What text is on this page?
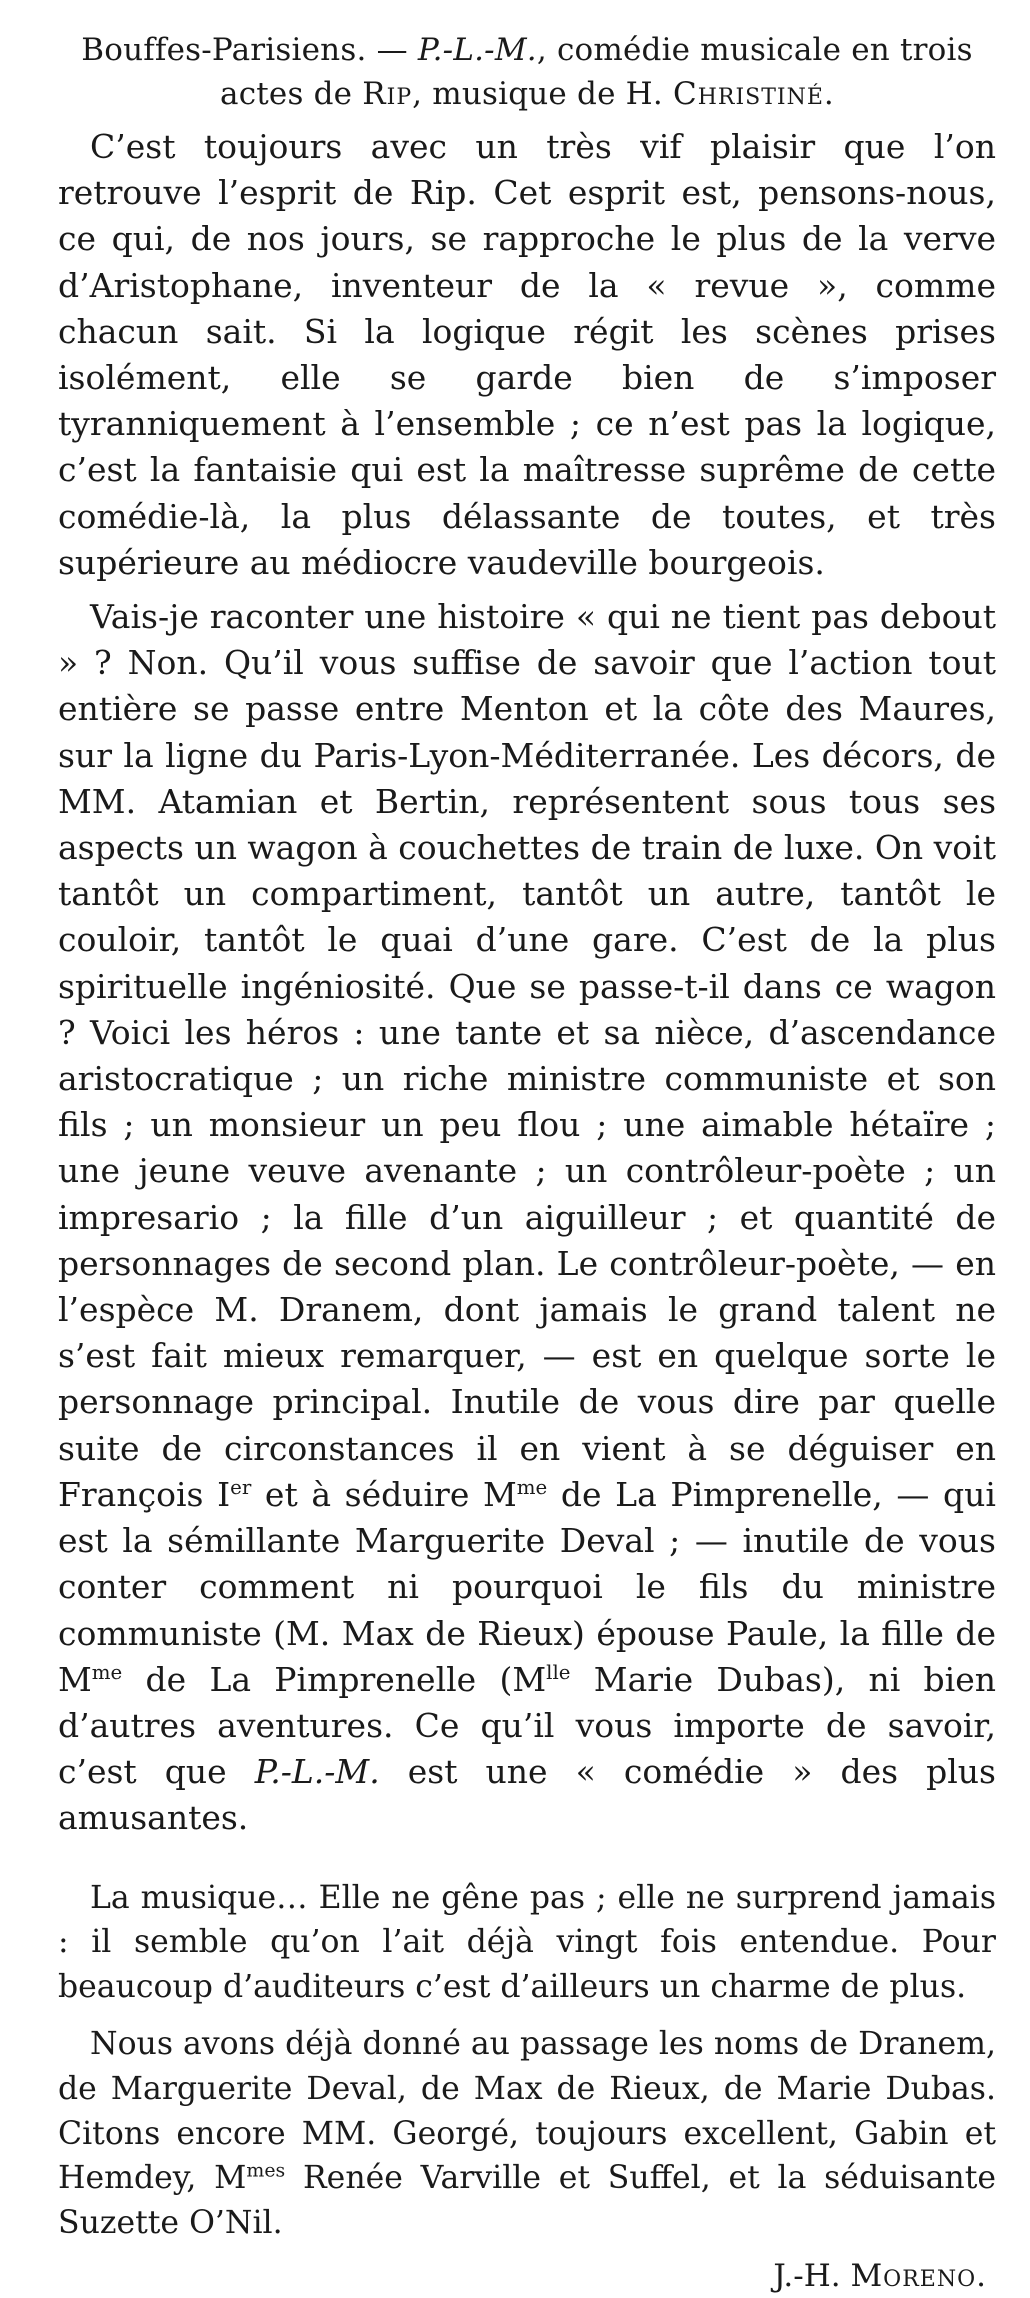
Bouffes-Parisiens. — P.-L.-M., comédie musicale en trois actes de Rip, musique de H. Christiné.

C’est toujours avec un très vif plaisir que l’on retrouve l’esprit de Rip. Cet esprit est, pensons-nous, ce qui, de nos jours, se rapproche le plus de la verve d’Aristophane, inventeur de la « revue », comme chacun sait. Si la logique régit les scènes prises isolément, elle se garde bien de s’imposer tyranniquement à l’ensemble ; ce n’est pas la logique, c’est la fantaisie qui est la maîtresse suprême de cette comédie-là, la plus délassante de toutes, et très supérieure au médiocre vaudeville bourgeois.

Vais-je raconter une histoire « qui ne tient pas debout » ? Non. Qu’il vous suffise de savoir que l’action tout entière se passe entre Menton et la côte des Maures, sur la ligne du Paris-Lyon-Méditerranée. Les décors, de MM. Atamian et Bertin, représentent sous tous ses aspects un wagon à couchettes de train de luxe. On voit tantôt un compartiment, tantôt un autre, tantôt le couloir, tantôt le quai d’une gare. C’est de la plus spirituelle ingéniosité. Que se passe-t-il dans ce wagon ? Voici les héros : une tante et sa nièce, d’ascendance aristocratique ; un riche ministre communiste et son fils ; un monsieur un peu flou ; une aimable hétaïre ; une jeune veuve avenante ; un contrôleur-poète ; un impresario ; la fille d’un aiguilleur ; et quantité de personnages de second plan. Le contrôleur-poète, — en l’espèce M. Dranem, dont jamais le grand talent ne s’est fait mieux remarquer, — est en quelque sorte le personnage principal. Inutile de vous dire par quelle suite de circonstances il en vient à se déguiser en François Ier et à séduire $M^{me}$ de La Pimprenelle, — qui est la sémillante Marguerite Deval ; — inutile de vous conter comment ni pourquoi le fils du ministre communiste (M. Max de Rieux) épouse Paule, la fille de $M^{me}$ de La Pimprenelle ($M^{lle}$ Marie Dubas), ni bien d’autres aventures. Ce qu’il vous importe de savoir, c’est que P.-L.-M. est une « comédie » des plus amusantes.

La musique… Elle ne gêne pas ; elle ne surprend jamais : il semble qu’on l’ait déjà vingt fois entendue. Pour beaucoup d’auditeurs c’est d’ailleurs un charme de plus.

Nous avons déjà donné au passage les noms de Dranem, de Marguerite Deval, de Max de Rieux, de Marie Dubas. Citons encore MM. Georgé, toujours excellent, Gabin et Hemdey, $M^{mes}$ Renée Varville et Suffel, et la séduisante Suzette O’Nil.

J.-H. Moreno.
